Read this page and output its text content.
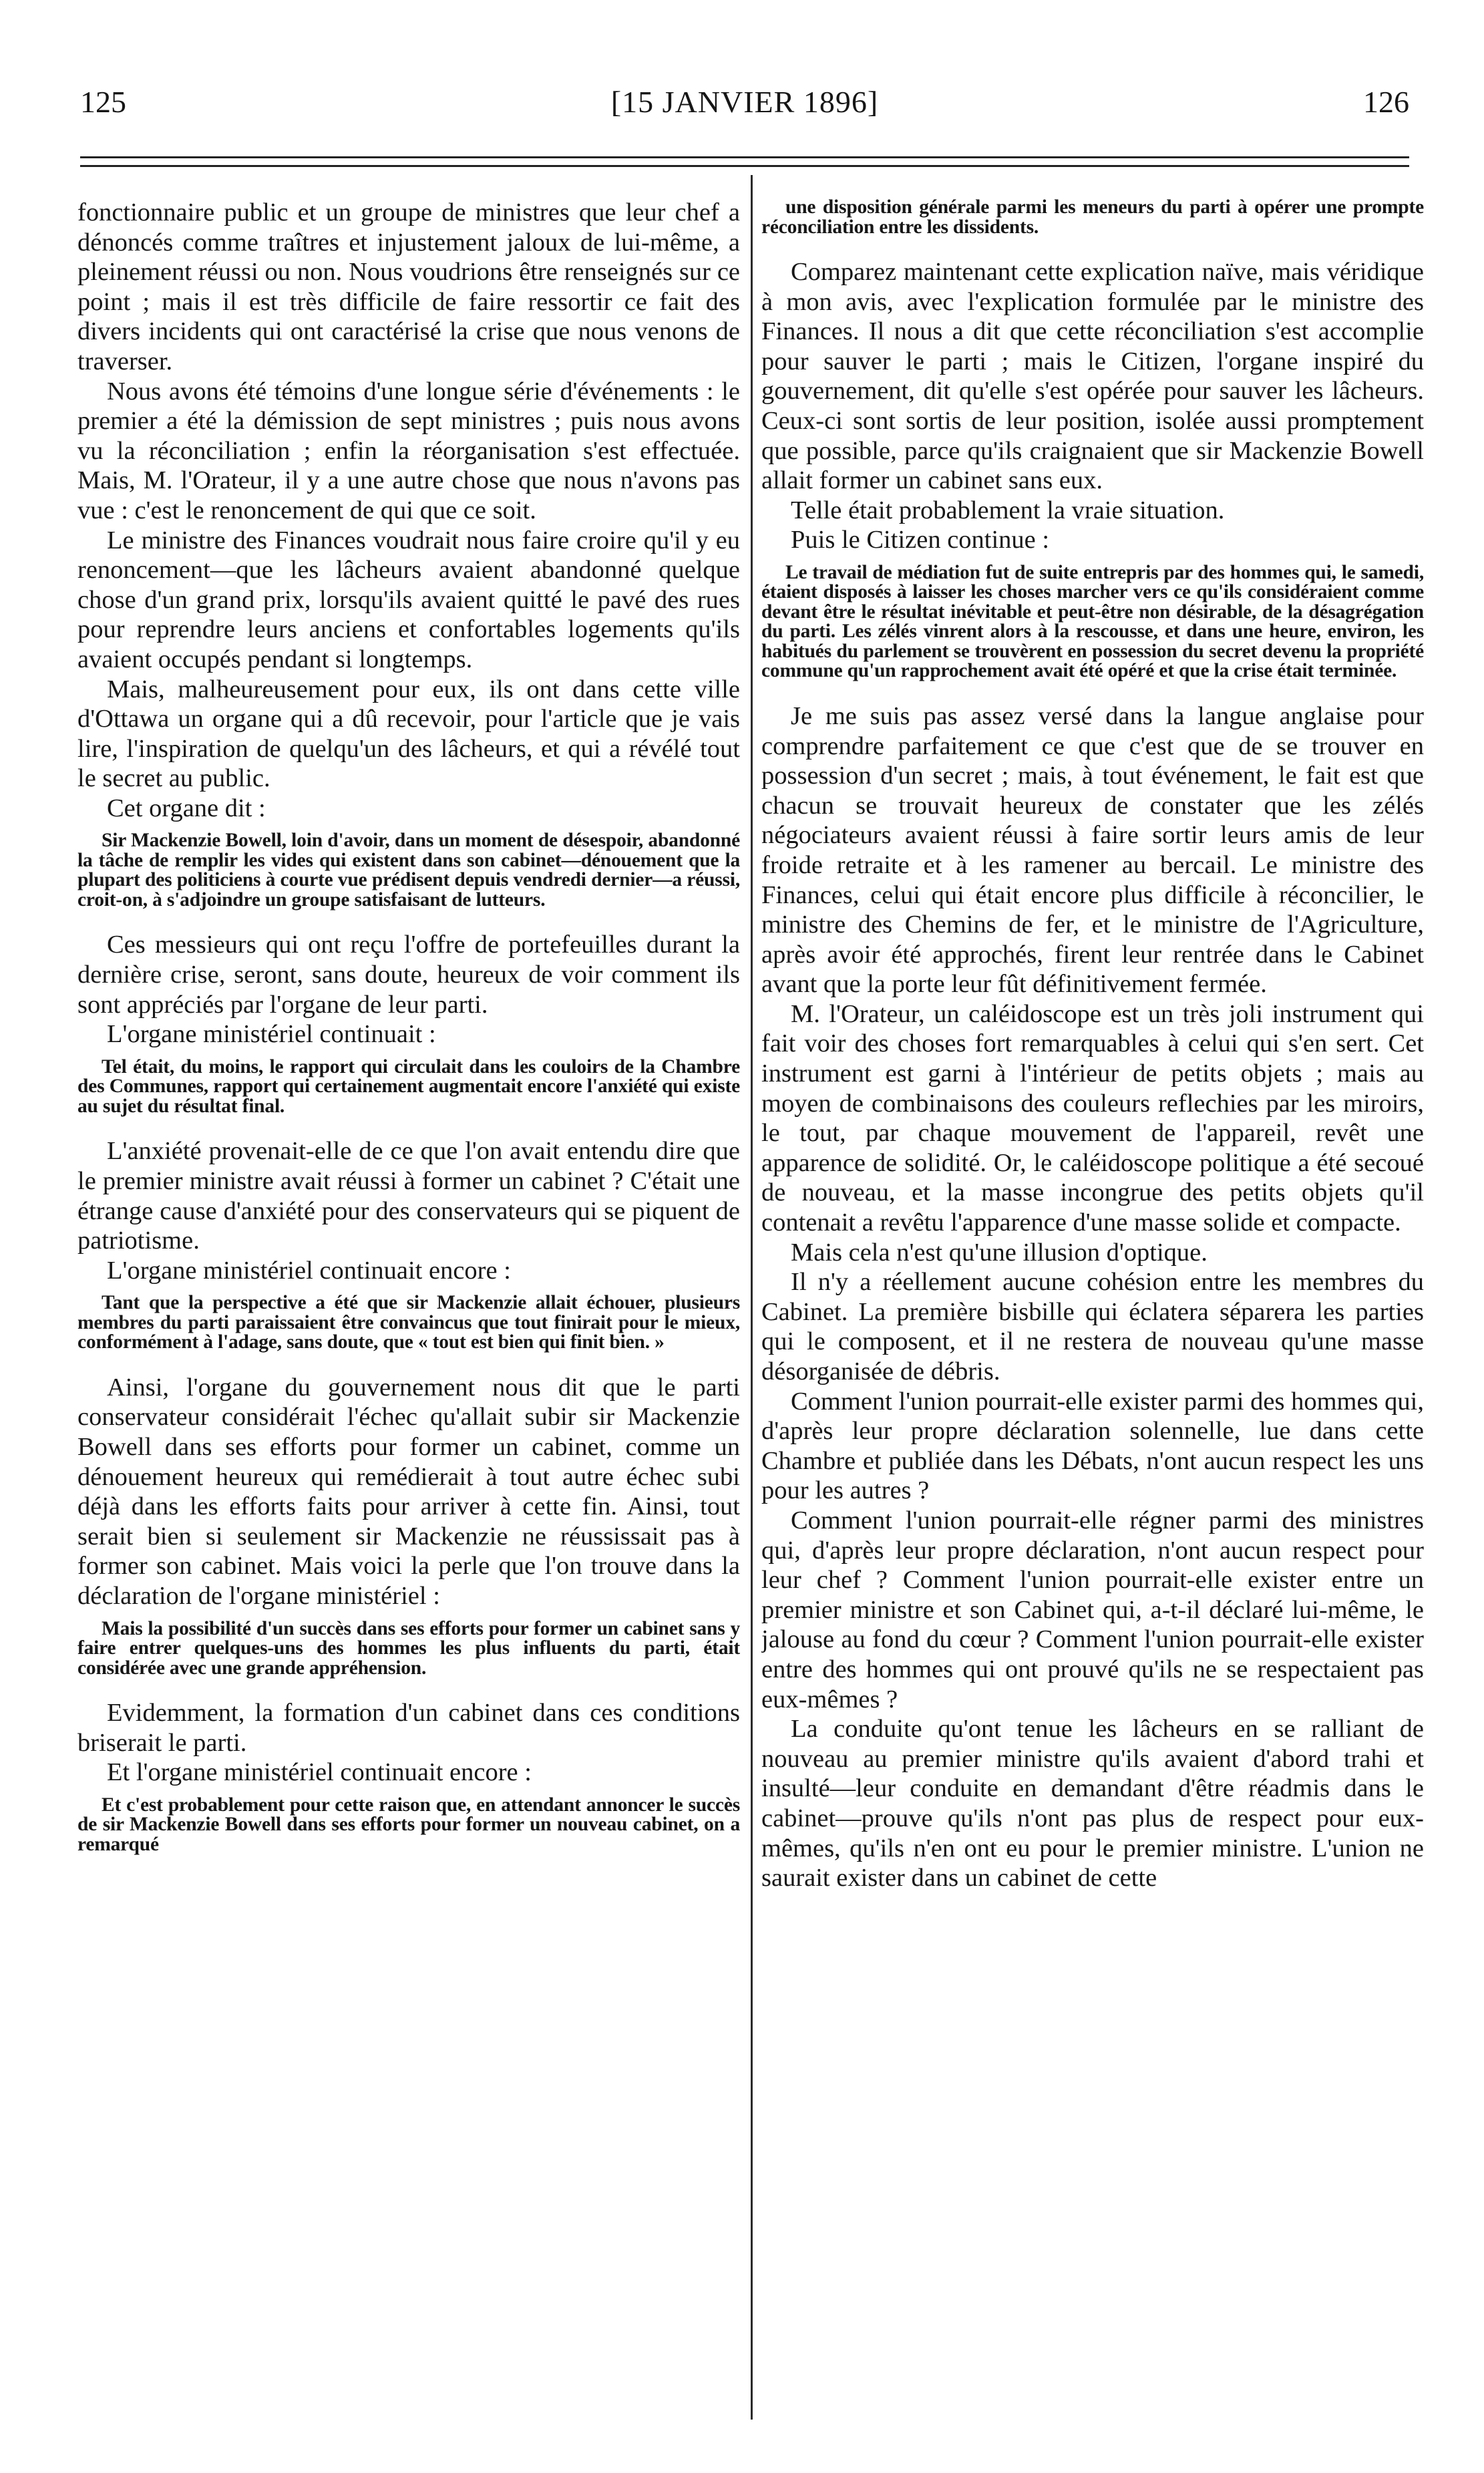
125	[15 JANVIER 1896]	126

fonctionnaire public et un groupe de ministres que leur chef a dénoncés comme traîtres et injustement jaloux de lui-même, a pleinement réussi ou non. Nous voudrions être renseignés sur ce point ; mais il est très difficile de faire ressortir ce fait des divers incidents qui ont caractérisé la crise que nous venons de traverser.

Nous avons été témoins d'une longue série d'événements : le premier a été la démission de sept ministres ; puis nous avons vu la réconciliation ; enfin la réorganisation s'est effectuée. Mais, M. l'Orateur, il y a une autre chose que nous n'avons pas vue : c'est le renoncement de qui que ce soit.

Le ministre des Finances voudrait nous faire croire qu'il y eu renoncement—que les lâcheurs avaient abandonné quelque chose d'un grand prix, lorsqu'ils avaient quitté le pavé des rues pour reprendre leurs anciens et confortables logements qu'ils avaient occupés pendant si longtemps.

Mais, malheureusement pour eux, ils ont dans cette ville d'Ottawa un organe qui a dû recevoir, pour l'article que je vais lire, l'inspiration de quelqu'un des lâcheurs, et qui a révélé tout le secret au public.

Cet organe dit :

Sir Mackenzie Bowell, loin d'avoir, dans un moment de désespoir, abandonné la tâche de remplir les vides qui existent dans son cabinet—dénouement que la plupart des politiciens à courte vue prédisent depuis vendredi dernier—a réussi, croit-on, à s'adjoindre un groupe satisfaisant de lutteurs.

Ces messieurs qui ont reçu l'offre de portefeuilles durant la dernière crise, seront, sans doute, heureux de voir comment ils sont appréciés par l'organe de leur parti.

L'organe ministériel continuait :

Tel était, du moins, le rapport qui circulait dans les couloirs de la Chambre des Communes, rapport qui certainement augmentait encore l'anxiété qui existe au sujet du résultat final.

L'anxiété provenait-elle de ce que l'on avait entendu dire que le premier ministre avait réussi à former un cabinet ? C'était une étrange cause d'anxiété pour des conservateurs qui se piquent de patriotisme.

L'organe ministériel continuait encore :

Tant que la perspective a été que sir Mackenzie allait échouer, plusieurs membres du parti paraissaient être convaincus que tout finirait pour le mieux, conformément à l'adage, sans doute, que « tout est bien qui finit bien. »

Ainsi, l'organe du gouvernement nous dit que le parti conservateur considérait l'échec qu'allait subir sir Mackenzie Bowell dans ses efforts pour former un cabinet, comme un dénouement heureux qui remédierait à tout autre échec subi déjà dans les efforts faits pour arriver à cette fin. Ainsi, tout serait bien si seulement sir Mackenzie ne réussissait pas à former son cabinet. Mais voici la perle que l'on trouve dans la déclaration de l'organe ministériel :

Mais la possibilité d'un succès dans ses efforts pour former un cabinet sans y faire entrer quelques-uns des hommes les plus influents du parti, était considérée avec une grande appréhension.

Evidemment, la formation d'un cabinet dans ces conditions briserait le parti.

Et l'organe ministériel continuait encore :

Et c'est probablement pour cette raison que, en attendant annoncer le succès de sir Mackenzie Bowell dans ses efforts pour former un nouveau cabinet, on a remarqué

une disposition générale parmi les meneurs du parti à opérer une prompte réconciliation entre les dissidents.

Comparez maintenant cette explication naïve, mais véridique à mon avis, avec l'explication formulée par le ministre des Finances. Il nous a dit que cette réconciliation s'est accomplie pour sauver le parti ; mais le Citizen, l'organe inspiré du gouvernement, dit qu'elle s'est opérée pour sauver les lâcheurs. Ceux-ci sont sortis de leur position, isolée aussi promptement que possible, parce qu'ils craignaient que sir Mackenzie Bowell allait former un cabinet sans eux.

Telle était probablement la vraie situation.

Puis le Citizen continue :

Le travail de médiation fut de suite entrepris par des hommes qui, le samedi, étaient disposés à laisser les choses marcher vers ce qu'ils considéraient comme devant être le résultat inévitable et peut-être non désirable, de la désagrégation du parti. Les zélés vinrent alors à la rescousse, et dans une heure, environ, les habitués du parlement se trouvèrent en possession du secret devenu la propriété commune qu'un rapprochement avait été opéré et que la crise était terminée.

Je me suis pas assez versé dans la langue anglaise pour comprendre parfaitement ce que c'est que de se trouver en possession d'un secret ; mais, à tout événement, le fait est que chacun se trouvait heureux de constater que les zélés négociateurs avaient réussi à faire sortir leurs amis de leur froide retraite et à les ramener au bercail. Le ministre des Finances, celui qui était encore plus difficile à réconcilier, le ministre des Chemins de fer, et le ministre de l'Agriculture, après avoir été approchés, firent leur rentrée dans le Cabinet avant que la porte leur fût définitivement fermée.

M. l'Orateur, un caléidoscope est un très joli instrument qui fait voir des choses fort remarquables à celui qui s'en sert. Cet instrument est garni à l'intérieur de petits objets ; mais au moyen de combinaisons des couleurs reflechies par les miroirs, le tout, par chaque mouvement de l'appareil, revêt une apparence de solidité. Or, le caléidoscope politique a été secoué de nouveau, et la masse incongrue des petits objets qu'il contenait a revêtu l'apparence d'une masse solide et compacte.

Mais cela n'est qu'une illusion d'optique.

Il n'y a réellement aucune cohésion entre les membres du Cabinet. La première bisbille qui éclatera séparera les parties qui le composent, et il ne restera de nouveau qu'une masse désorganisée de débris.

Comment l'union pourrait-elle exister parmi des hommes qui, d'après leur propre déclaration solennelle, lue dans cette Chambre et publiée dans les Débats, n'ont aucun respect les uns pour les autres ?

Comment l'union pourrait-elle régner parmi des ministres qui, d'après leur propre déclaration, n'ont aucun respect pour leur chef ? Comment l'union pourrait-elle exister entre un premier ministre et son Cabinet qui, a-t-il déclaré lui-même, le jalouse au fond du cœur ? Comment l'union pourrait-elle exister entre des hommes qui ont prouvé qu'ils ne se respectaient pas eux-mêmes ?

La conduite qu'ont tenue les lâcheurs en se ralliant de nouveau au premier ministre qu'ils avaient d'abord trahi et insulté—leur conduite en demandant d'être réadmis dans le cabinet—prouve qu'ils n'ont pas plus de respect pour eux-mêmes, qu'ils n'en ont eu pour le premier ministre. L'union ne saurait exister dans un cabinet de cette
